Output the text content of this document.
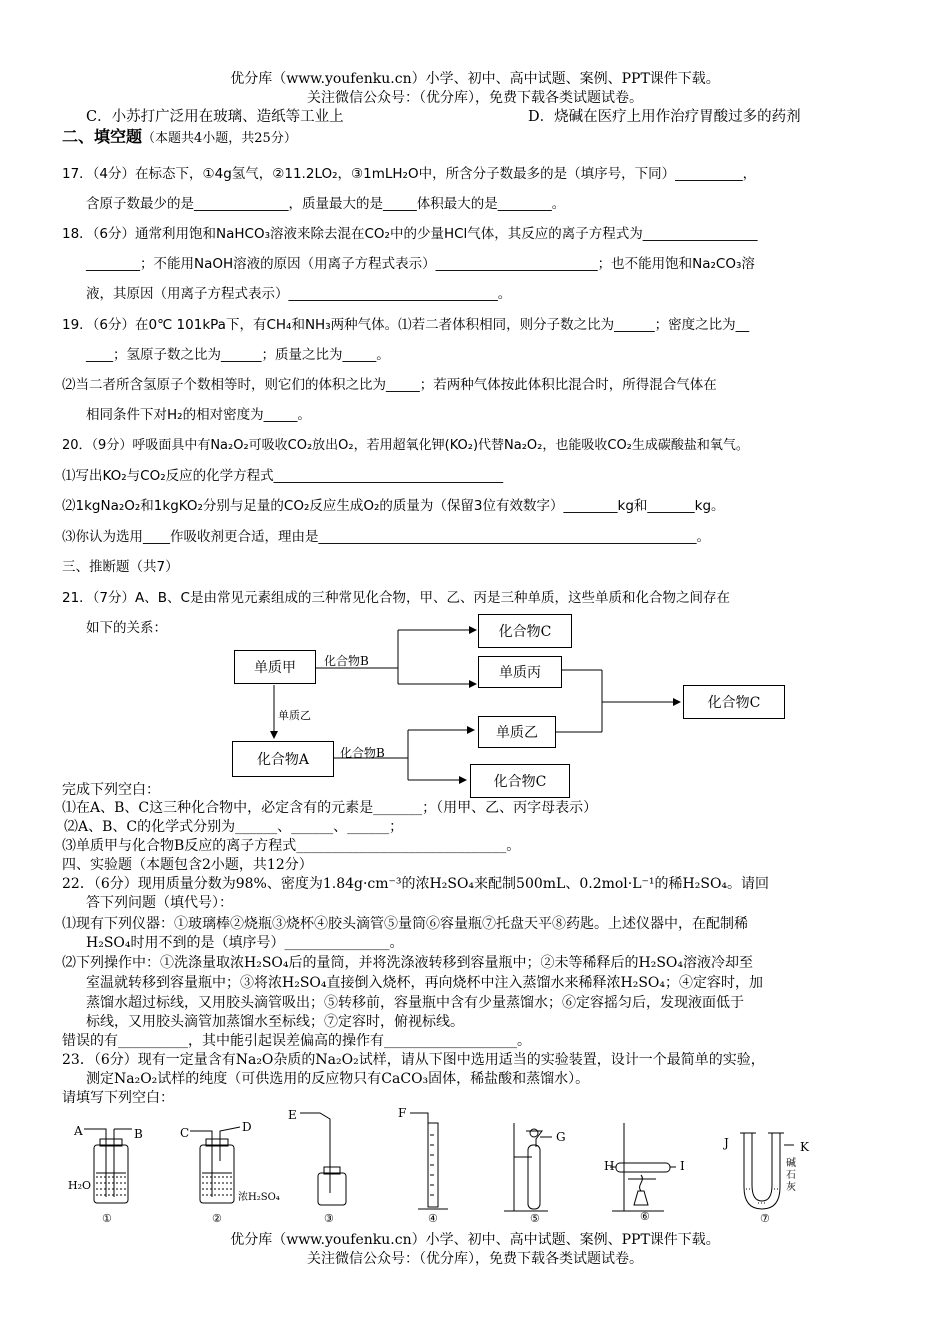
优分库（www.youfenku.cn）小学、初中、高中试题、案例、PPT课件下载。
关注微信公众号：（优分库），免费下载各类试题试卷。
C．小苏打广泛用在玻璃、造纸等工业上	D．烧碱在医疗上用作治疗胃酸过多的药剂
二、填空题（本题共4小题，共25分）
17．（4分）在标态下，①4g氢气，②11.2LO₂，③1mLH₂O中，所含分子数最多的是（填序号，下同）__________，
含原子数最少的是______________，质量最大的是_____体积最大的是________。
18．（6分）通常利用饱和NaHCO₃溶液来除去混在CO₂中的少量HCl气体，其反应的离子方程式为_________________
________；不能用NaOH溶液的原因（用离子方程式表示）________________________；也不能用饱和Na₂CO₃溶
液，其原因（用离子方程式表示）_______________________________。
19．（6分）在0℃ 101kPa下，有CH₄和NH₃两种气体。⑴若二者体积相同，则分子数之比为______；密度之比为__
____；氢原子数之比为______；质量之比为_____。
⑵当二者所含氢原子个数相等时，则它们的体积之比为_____；若两种气体按此体积比混合时，所得混合气体在
相同条件下对H₂的相对密度为_____。
20．（9分）呼吸面具中有Na₂O₂可吸收CO₂放出O₂，若用超氧化钾(KO₂)代替Na₂O₂，也能吸收CO₂生成碳酸盐和氧气。
⑴写出KO₂与CO₂反应的化学方程式__________________________________
⑵1kgNa₂O₂和1kgKO₂分别与足量的CO₂反应生成O₂的质量为（保留3位有效数字）________kg和_______kg。
⑶你认为选用____作吸收剂更合适，理由是________________________________________________________。
三、推断题（共7）
21．（7分）A、B、C是由常见元素组成的三种常见化合物，甲、乙、丙是三种单质，这些单质和化合物之间存在
如下的关系：
单质甲
化合物C
单质丙
化合物C
单质乙
化合物A
化合物C
化合物B
单质乙
化合物B
完成下列空白：
⑴在A、B、C这三种化合物中，必定含有的元素是_______；（用甲、乙、丙字母表示）
⑵A、B、C的化学式分别为______、______、______；
⑶单质甲与化合物B反应的离子方程式______________________________。
四、实验题（本题包含2小题，共12分）
22．（6分）现用质量分数为98%、密度为1.84g·cm⁻³的浓H₂SO₄来配制500mL、0.2mol·L⁻¹的稀H₂SO₄。请回
答下列问题（填代号）：
⑴现有下列仪器：①玻璃棒②烧瓶③烧杯④胶头滴管⑤量筒⑥容量瓶⑦托盘天平⑧药匙。上述仪器中，在配制稀
H₂SO₄时用不到的是（填序号）_______________。
⑵下列操作中：①洗涤量取浓H₂SO₄后的量筒，并将洗涤液转移到容量瓶中；②未等稀释后的H₂SO₄溶液冷却至
室温就转移到容量瓶中；③将浓H₂SO₄直接倒入烧杯，再向烧杯中注入蒸馏水来稀释浓H₂SO₄；④定容时，加
蒸馏水超过标线，又用胶头滴管吸出；⑤转移前，容量瓶中含有少量蒸馏水；⑥定容摇匀后，发现液面低于
标线，又用胶头滴管加蒸馏水至标线；⑦定容时，俯视标线。
错误的有__________，其中能引起误差偏高的操作有___________________。
23．（6分）现有一定量含有Na₂O杂质的Na₂O₂试样，请从下图中选用适当的实验装置，设计一个最简单的实验，
测定Na₂O₂试样的纯度（可供选用的反应物只有CaCO₃固体，稀盐酸和蒸馏水）。
请填写下列空白：
A	B
H₂O
C	D
浓H₂SO₄
E	F
G
H	I
J	K
碱石灰
①	②	③	④	⑤	⑥	⑦
优分库（www.youfenku.cn）小学、初中、高中试题、案例、PPT课件下载。
关注微信公众号：（优分库），免费下载各类试题试卷。
